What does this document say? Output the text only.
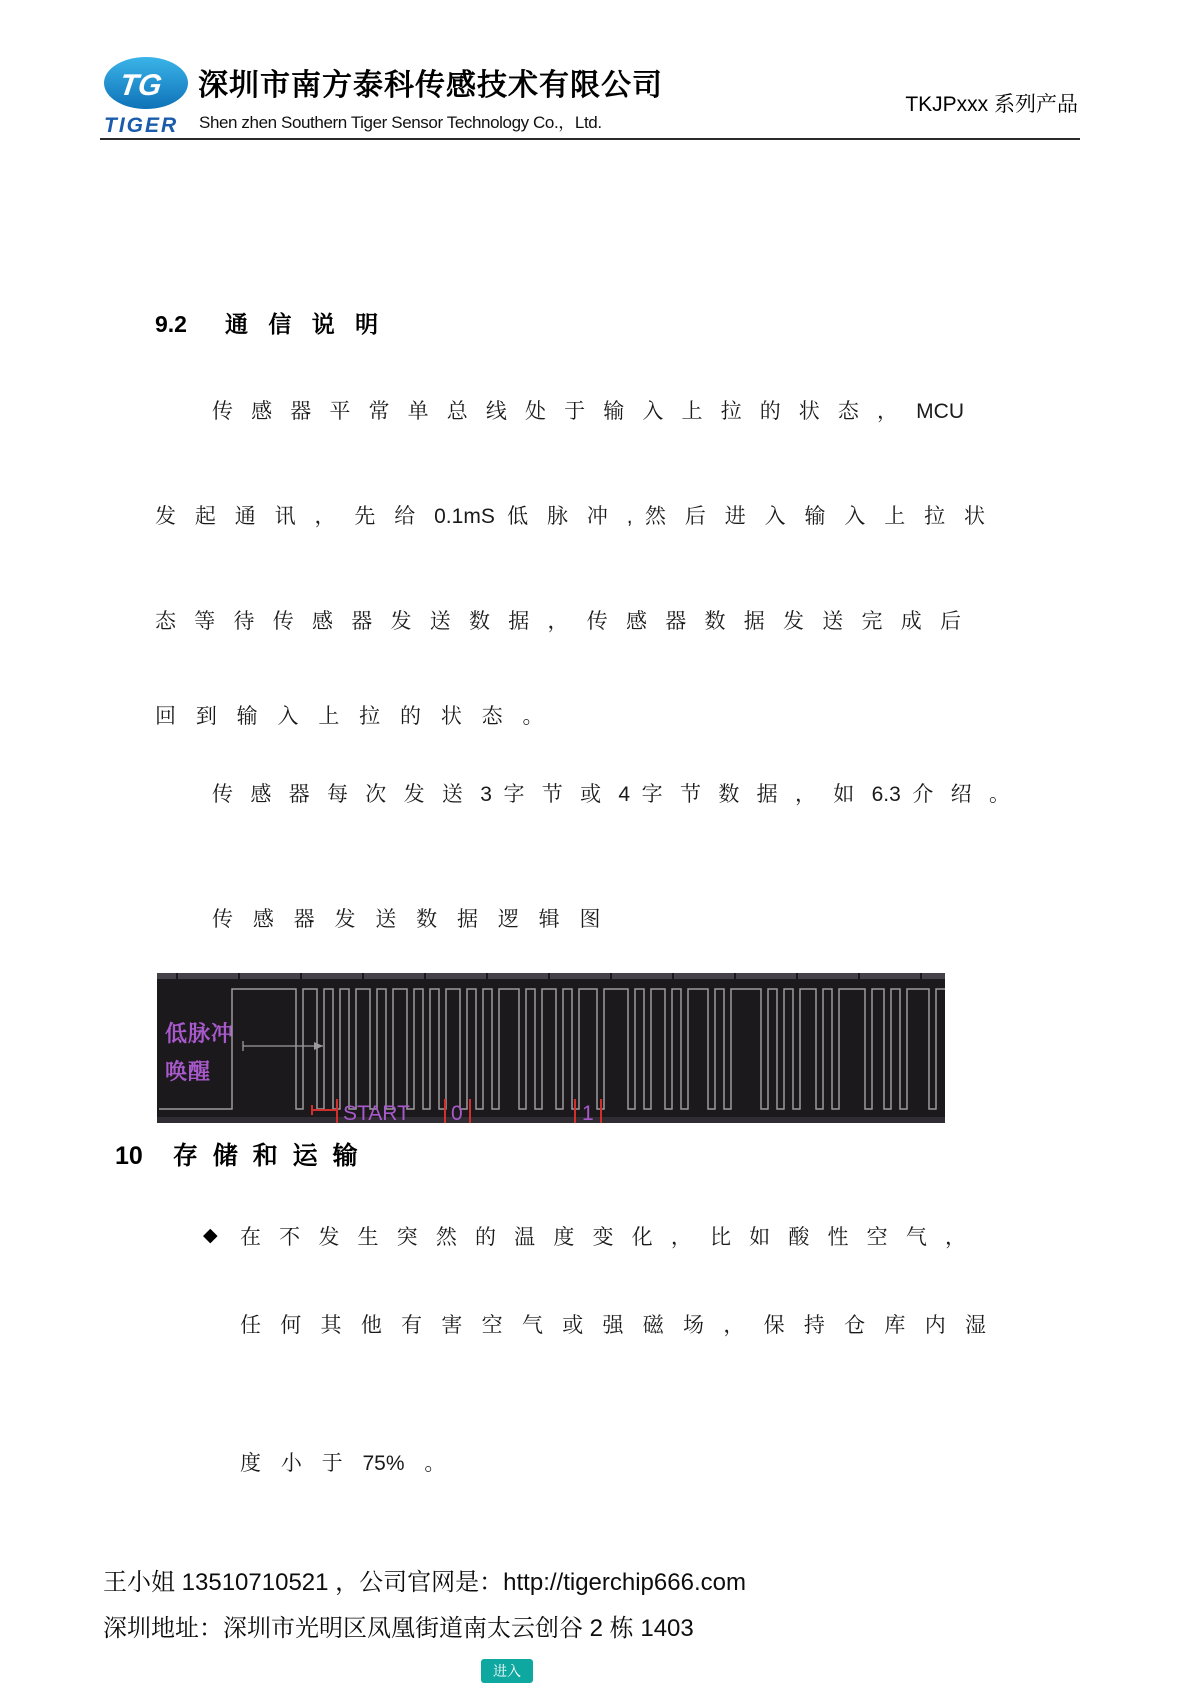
TG
TIGER
深圳市南方泰科传感技术有限公司
Shen zhen Southern Tiger Sensor Technology Co.，Ltd.
TKJPxxx 系列产品
9.2 通 信 说 明
传 感 器 平 常 单 总 线 处 于 输 入 上 拉 的 状 态 ， MCU
发 起 通 讯 ， 先 给 0.1mS 低 脉 冲 , 然 后 进 入 输 入 上 拉 状
态 等 待 传 感 器 发 送 数 据 ， 传 感 器 数 据 发 送 完 成 后
回 到 输 入 上 拉 的 状 态 。
传 感 器 每 次 发 送 3 字 节 或 4 字 节 数 据 ， 如 6.3 介 绍 。
传 感 器 发 送 数 据 逻 辑 图
低脉冲
唤醒
START 0	1
10 存 储 和 运 输
◆ 在 不 发 生 突 然 的 温 度 变 化 ， 比 如 酸 性 空 气 ，
任 何 其 他 有 害 空 气 或 强 磁 场 ， 保 持 仓 库 内 湿
度 小 于 75% 。
王小姐 13510710521 ，公司官网是：http://tigerchip666.com
深圳地址：深圳市光明区凤凰街道南太云创谷 2 栋 1403
进入
